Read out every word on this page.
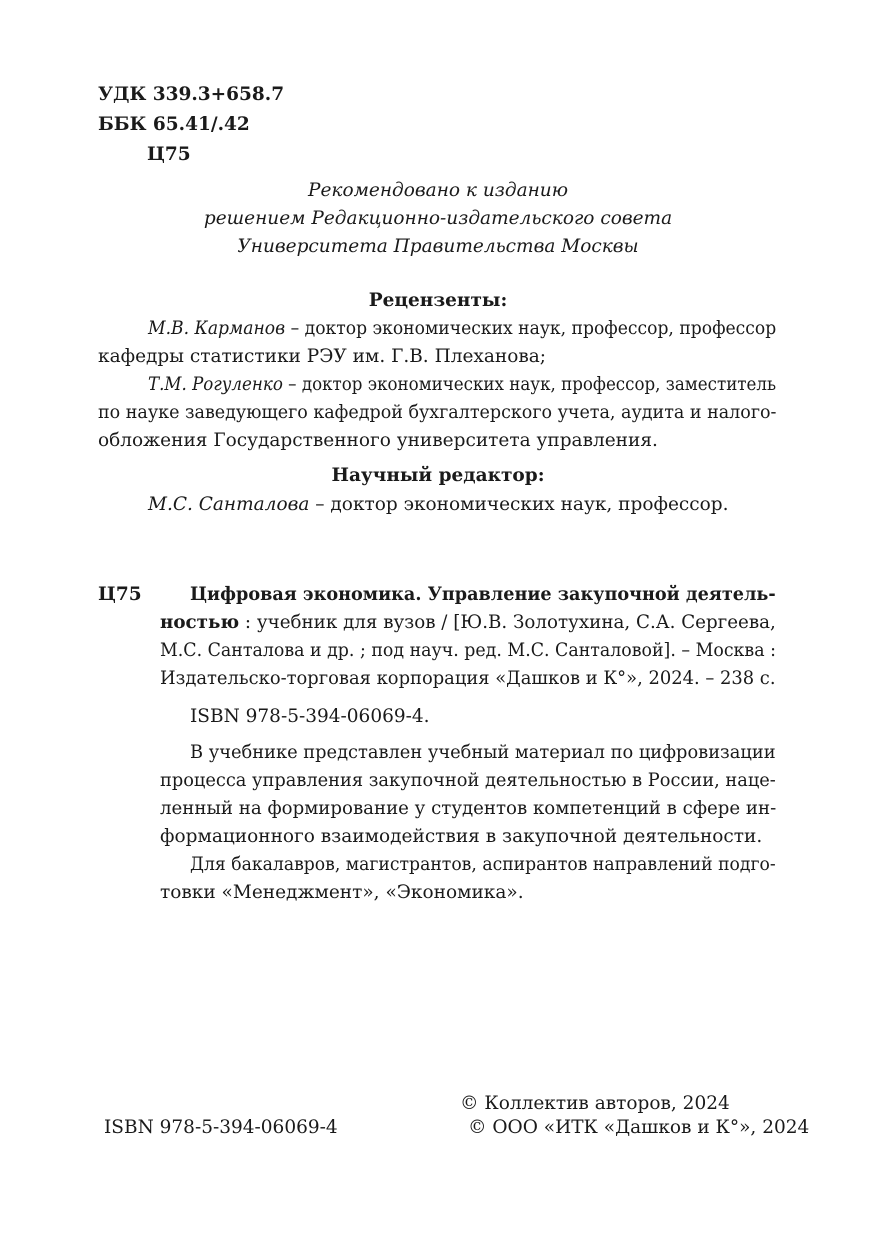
УДК 339.3+658.7
ББК 65.41/.42
Ц75
Рекомендовано к изданию
решением Редакционно-издательского совета
Университета Правительства Москвы
Рецензенты:
М.В. Карманов – доктор экономических наук, профессор, профессор
кафедры статистики РЭУ им. Г.В. Плеханова;
Т.М. Рогуленко – доктор экономических наук, профессор, заместитель
по науке заведующего кафедрой бухгалтерского учета, аудита и налого-
обложения Государственного университета управления.
Научный редактор:
М.С. Санталова – доктор экономических наук, профессор.
Ц75	Цифровая экономика. Управление закупочной деятель-
ностью : учебник для вузов / [Ю.В. Золотухина, С.А. Сергеева,
М.С. Санталова и др. ; под науч. ред. М.С. Санталовой]. – Москва :
Издательско-торговая корпорация «Дашков и К°», 2024. – 238 с.
ISBN 978-5-394-06069-4.
В учебнике представлен учебный материал по цифровизации
процесса управления закупочной деятельностью в России, наце-
ленный на формирование у студентов компетенций в сфере ин-
формационного взаимодействия в закупочной деятельности.
Для бакалавров, магистрантов, аспирантов направлений подго-
товки «Менеджмент», «Экономика».
ISBN 978-5-394-06069-4
© Коллектив авторов, 2024
© ООО «ИТК «Дашков и К°», 2024
